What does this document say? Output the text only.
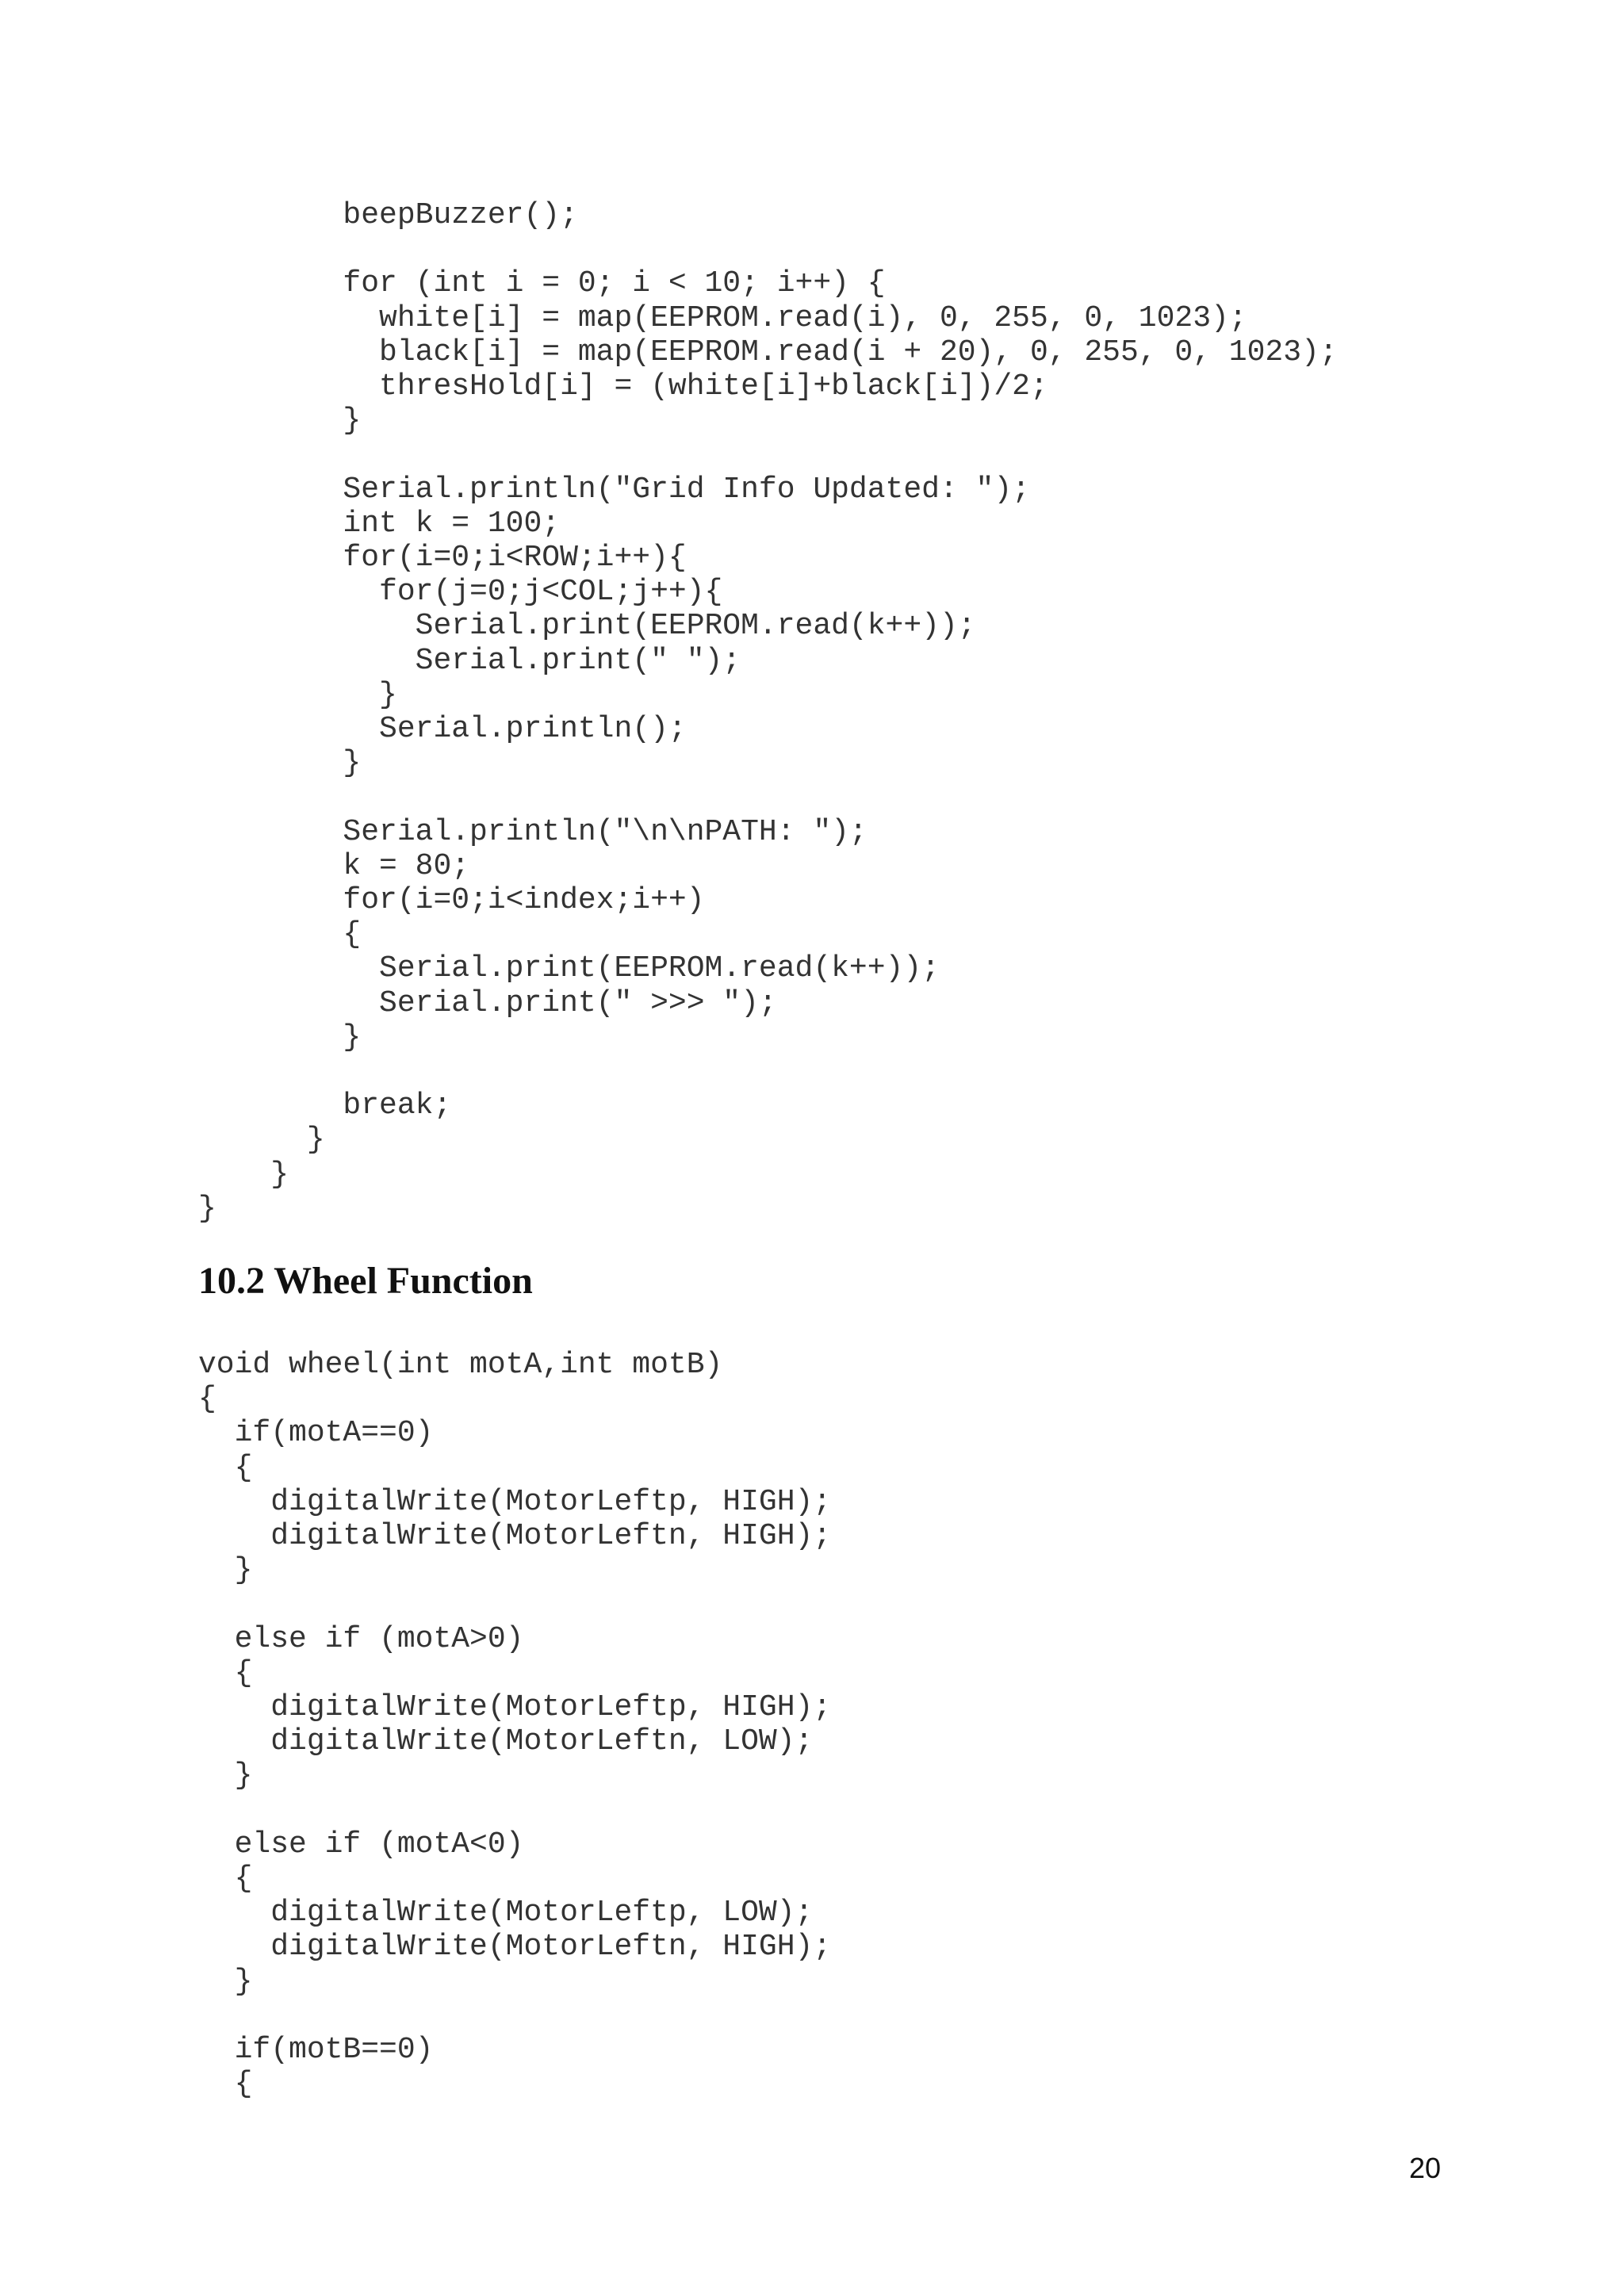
beepBuzzer();
for (int i = 0; i < 10; i++) {
white[i] = map(EEPROM.read(i), 0, 255, 0, 1023);
black[i] = map(EEPROM.read(i + 20), 0, 255, 0, 1023);
thresHold[i] = (white[i]+black[i])/2;
}
Serial.println("Grid Info Updated: ");
int k = 100;
for(i=0;i<ROW;i++){
for(j=0;j<COL;j++){
Serial.print(EEPROM.read(k++));
Serial.print(" ");
}
Serial.println();
}
Serial.println("\n\nPATH: ");
k = 80;
for(i=0;i<index;i++)
{
Serial.print(EEPROM.read(k++));
Serial.print(" >>> ");
}
break;
}
}
}
10.2 Wheel Function
void wheel(int motA,int motB)
{
if(motA==0)
{
digitalWrite(MotorLeftp, HIGH);
digitalWrite(MotorLeftn, HIGH);
}
else if (motA>0)
{
digitalWrite(MotorLeftp, HIGH);
digitalWrite(MotorLeftn, LOW);
}
else if (motA<0)
{
digitalWrite(MotorLeftp, LOW);
digitalWrite(MotorLeftn, HIGH);
}
if(motB==0)
{
20
